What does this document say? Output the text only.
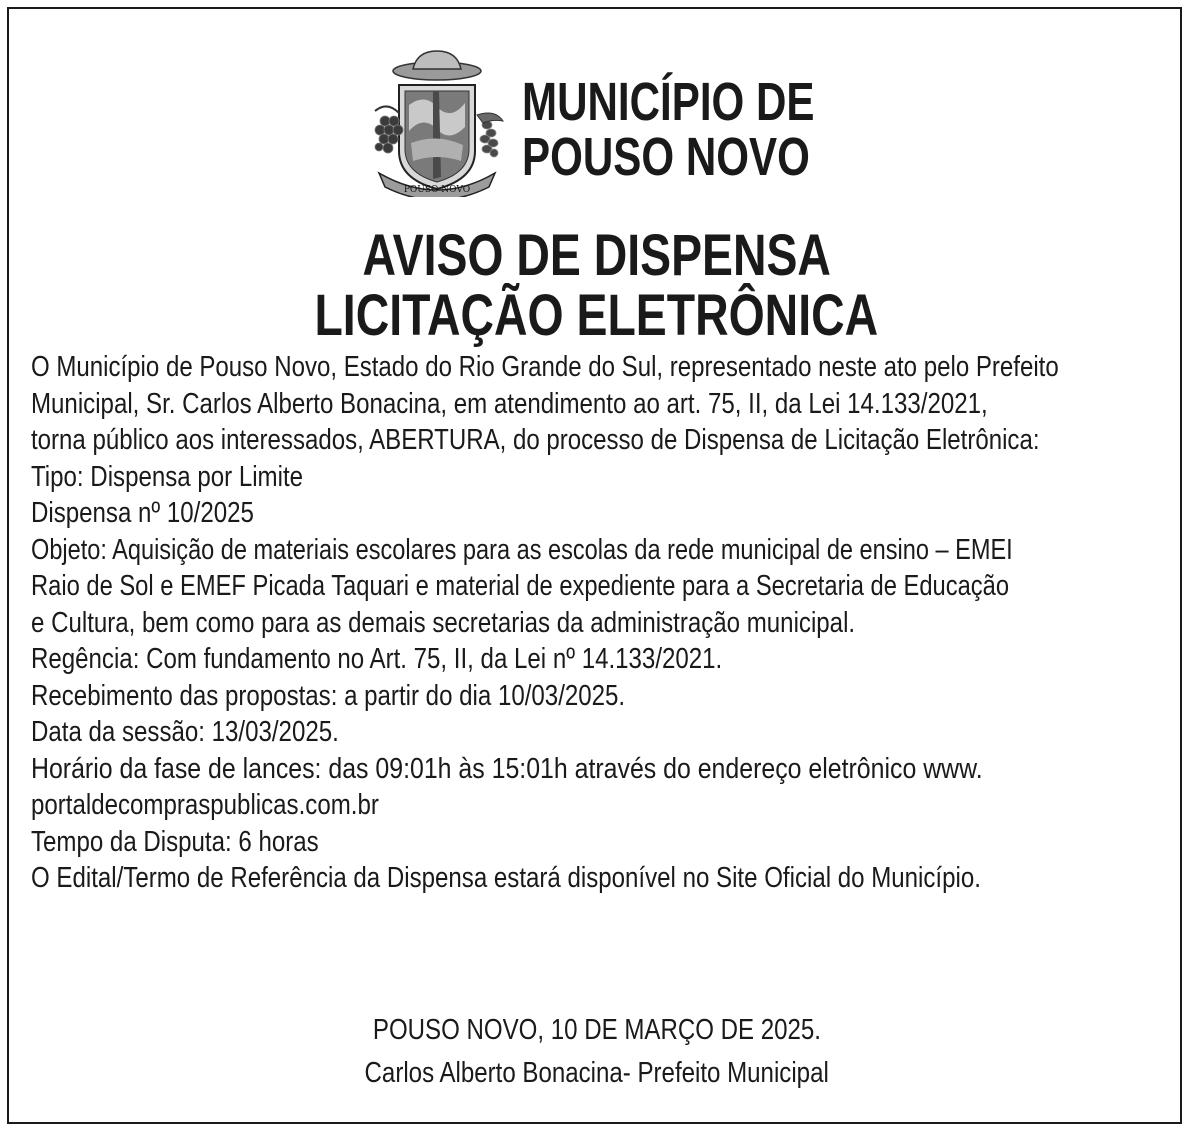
POUSO NOVO
MUNICÍPIO DE
POUSO NOVO
AVISO DE DISPENSA
LICITAÇÃO ELETRÔNICA
O Município de Pouso Novo, Estado do Rio Grande do Sul, representado neste ato pelo Prefeito
Municipal, Sr. Carlos Alberto Bonacina, em atendimento ao art. 75, II, da Lei 14.133/2021,
torna público aos interessados, ABERTURA, do processo de Dispensa de Licitação Eletrônica:
Tipo: Dispensa por Limite
Dispensa nº 10/2025
Objeto: Aquisição de materiais escolares para as escolas da rede municipal de ensino – EMEI
Raio de Sol e EMEF Picada Taquari e material de expediente para a Secretaria de Educação
e Cultura, bem como para as demais secretarias da administração municipal.
Regência: Com fundamento no Art. 75, II, da Lei nº 14.133/2021.
Recebimento das propostas: a partir do dia 10/03/2025.
Data da sessão: 13/03/2025.
Horário da fase de lances: das 09:01h às 15:01h através do endereço eletrônico www.
portaldecompraspublicas.com.br
Tempo da Disputa: 6 horas
O Edital/Termo de Referência da Dispensa estará disponível no Site Oficial do Município.
POUSO NOVO, 10 DE MARÇO DE 2025.
Carlos Alberto Bonacina- Prefeito Municipal
